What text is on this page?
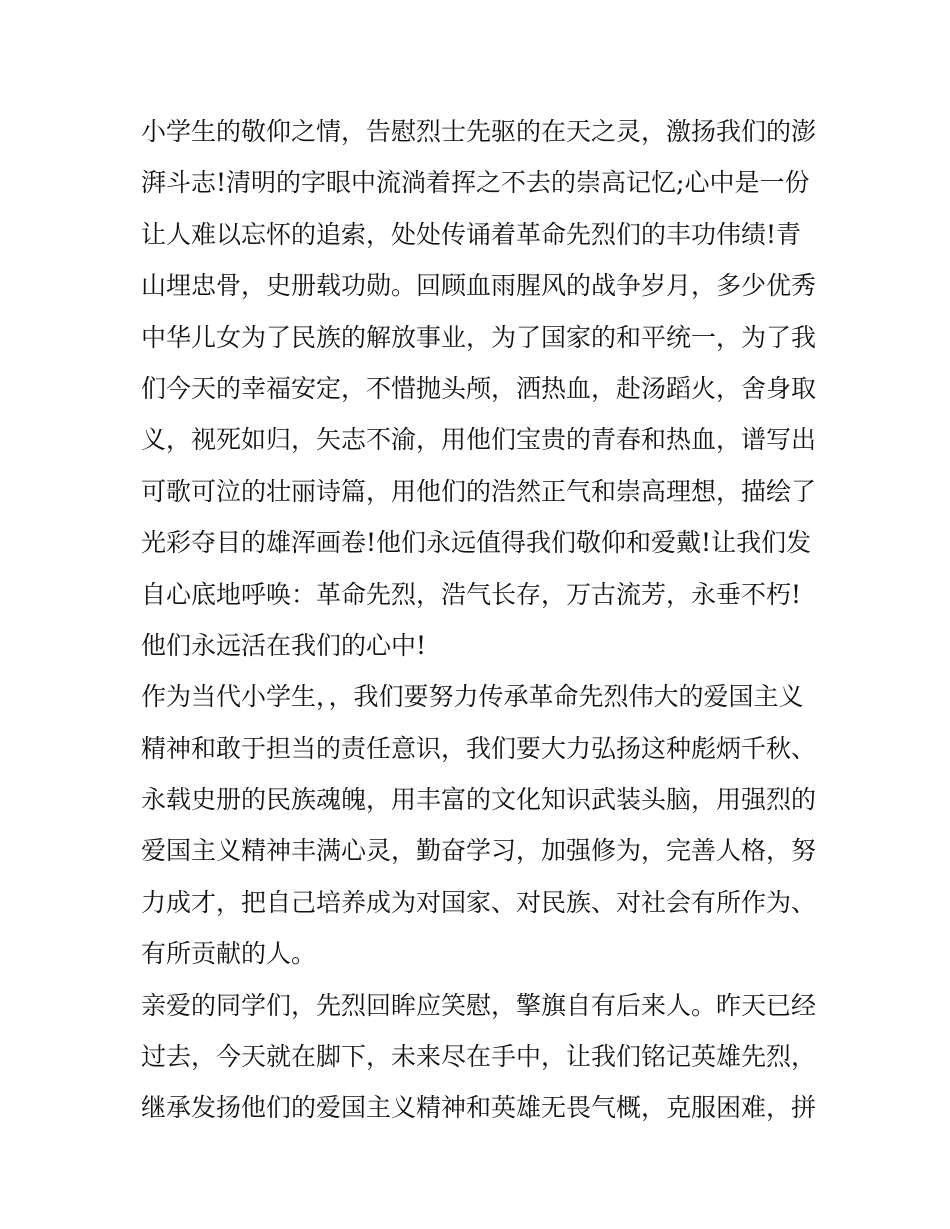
小学生的敬仰之情，告慰烈士先驱的在天之灵，激扬我们的澎
湃斗志!清明的字眼中流淌着挥之不去的崇高记忆;心中是一份
让人难以忘怀的追索，处处传诵着革命先烈们的丰功伟绩!青
山埋忠骨，史册载功勋。回顾血雨腥风的战争岁月，多少优秀
中华儿女为了民族的解放事业，为了国家的和平统一，为了我
们今天的幸福安定，不惜抛头颅，洒热血，赴汤蹈火，舍身取
义，视死如归，矢志不渝，用他们宝贵的青春和热血，谱写出
可歌可泣的壮丽诗篇，用他们的浩然正气和崇高理想，描绘了
光彩夺目的雄浑画卷!他们永远值得我们敬仰和爱戴!让我们发
自心底地呼唤：革命先烈，浩气长存，万古流芳，永垂不朽!
他们永远活在我们的心中!
作为当代小学生，，我们要努力传承革命先烈伟大的爱国主义
精神和敢于担当的责任意识，我们要大力弘扬这种彪炳千秋、
永载史册的民族魂魄，用丰富的文化知识武装头脑，用强烈的
爱国主义精神丰满心灵，勤奋学习，加强修为，完善人格，努
力成才，把自己培养成为对国家、对民族、对社会有所作为、
有所贡献的人。
亲爱的同学们，先烈回眸应笑慰，擎旗自有后来人。昨天已经
过去，今天就在脚下，未来尽在手中，让我们铭记英雄先烈，
继承发扬他们的爱国主义精神和英雄无畏气概，克服困难，拼
